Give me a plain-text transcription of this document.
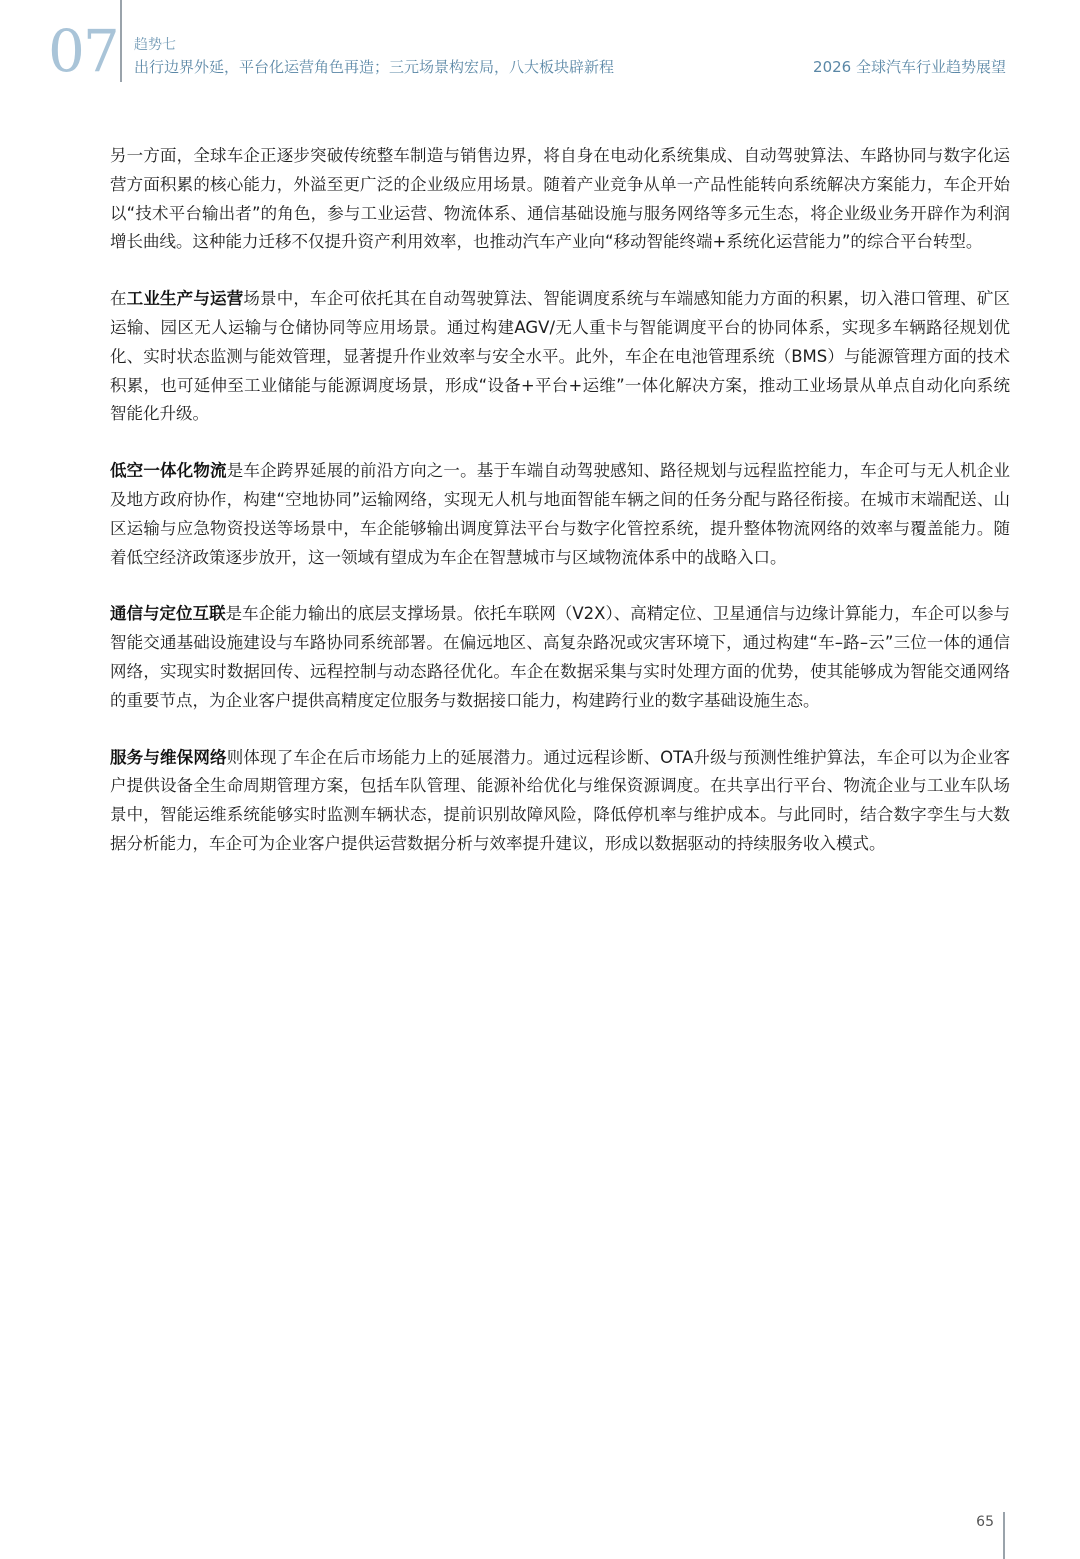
07 趋势七
出行边界外延，平台化运营角色再造；三元场景构宏局，八大板块辟新程	2026 全球汽车行业趋势展望

另一方面，全球车企正逐步突破传统整车制造与销售边界，将自身在电动化系统集成、自动驾驶算法、车路协同与数字化运营方面积累的核心能力，外溢至更广泛的企业级应用场景。随着产业竞争从单一产品性能转向系统解决方案能力，车企开始以“技术平台输出者”的角色，参与工业运营、物流体系、通信基础设施与服务网络等多元生态，将企业级业务开辟作为利润增长曲线。这种能力迁移不仅提升资产利用效率，也推动汽车产业向“移动智能终端+系统化运营能力”的综合平台转型。

在工业生产与运营场景中，车企可依托其在自动驾驶算法、智能调度系统与车端感知能力方面的积累，切入港口管理、矿区运输、园区无人运输与仓储协同等应用场景。通过构建AGV/无人重卡与智能调度平台的协同体系，实现多车辆路径规划优化、实时状态监测与能效管理，显著提升作业效率与安全水平。此外，车企在电池管理系统（BMS）与能源管理方面的技术积累，也可延伸至工业储能与能源调度场景，形成“设备+平台+运维”一体化解决方案，推动工业场景从单点自动化向系统智能化升级。

低空一体化物流是车企跨界延展的前沿方向之一。基于车端自动驾驶感知、路径规划与远程监控能力，车企可与无人机企业及地方政府协作，构建“空地协同”运输网络，实现无人机与地面智能车辆之间的任务分配与路径衔接。在城市末端配送、山区运输与应急物资投送等场景中，车企能够输出调度算法平台与数字化管控系统，提升整体物流网络的效率与覆盖能力。随着低空经济政策逐步放开，这一领域有望成为车企在智慧城市与区域物流体系中的战略入口。

通信与定位互联是车企能力输出的底层支撑场景。依托车联网（V2X）、高精定位、卫星通信与边缘计算能力，车企可以参与智能交通基础设施建设与车路协同系统部署。在偏远地区、高复杂路况或灾害环境下，通过构建“车–路–云”三位一体的通信网络，实现实时数据回传、远程控制与动态路径优化。车企在数据采集与实时处理方面的优势，使其能够成为智能交通网络的重要节点，为企业客户提供高精度定位服务与数据接口能力，构建跨行业的数字基础设施生态。

服务与维保网络则体现了车企在后市场能力上的延展潜力。通过远程诊断、OTA升级与预测性维护算法，车企可以为企业客户提供设备全生命周期管理方案，包括车队管理、能源补给优化与维保资源调度。在共享出行平台、物流企业与工业车队场景中，智能运维系统能够实时监测车辆状态，提前识别故障风险，降低停机率与维护成本。与此同时，结合数字孪生与大数据分析能力，车企可为企业客户提供运营数据分析与效率提升建议，形成以数据驱动的持续服务收入模式。

65
